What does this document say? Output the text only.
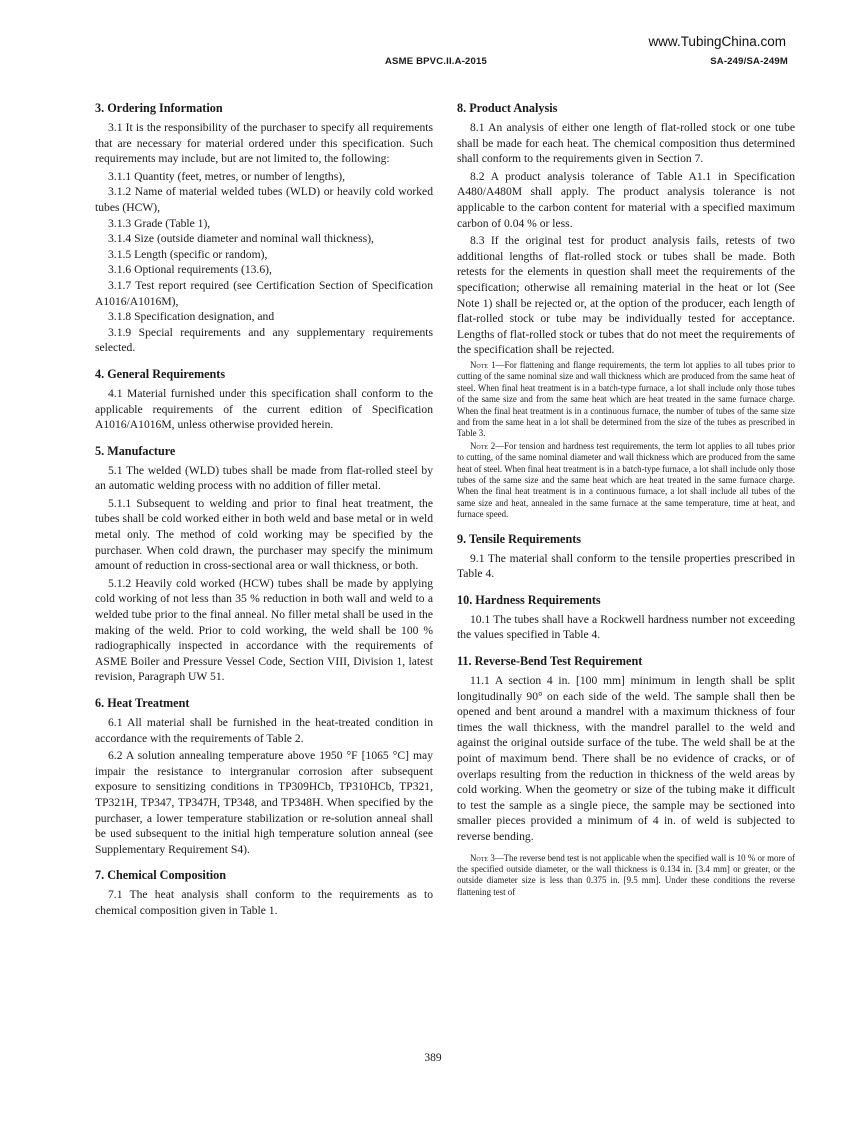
www.TubingChina.com
ASME BPVC.II.A-2015	SA-249/SA-249M
3. Ordering Information

3.1 It is the responsibility of the purchaser to specify all requirements that are necessary for material ordered under this specification. Such requirements may include, but are not limited to, the following:

3.1.1 Quantity (feet, metres, or number of lengths),

3.1.2 Name of material welded tubes (WLD) or heavily cold worked tubes (HCW),

3.1.3 Grade (Table 1),

3.1.4 Size (outside diameter and nominal wall thickness),

3.1.5 Length (specific or random),

3.1.6 Optional requirements (13.6),

3.1.7 Test report required (see Certification Section of Specification A1016/A1016M),

3.1.8 Specification designation, and

3.1.9 Special requirements and any supplementary requirements selected.

4. General Requirements

4.1 Material furnished under this specification shall conform to the applicable requirements of the current edition of Specification A1016/A1016M, unless otherwise provided herein.

5. Manufacture

5.1 The welded (WLD) tubes shall be made from flat-rolled steel by an automatic welding process with no addition of filler metal.

5.1.1 Subsequent to welding and prior to final heat treatment, the tubes shall be cold worked either in both weld and base metal or in weld metal only. The method of cold working may be specified by the purchaser. When cold drawn, the purchaser may specify the minimum amount of reduction in cross-sectional area or wall thickness, or both.

5.1.2 Heavily cold worked (HCW) tubes shall be made by applying cold working of not less than 35 % reduction in both wall and weld to a welded tube prior to the final anneal. No filler metal shall be used in the making of the weld. Prior to cold working, the weld shall be 100 % radiographically inspected in accordance with the requirements of ASME Boiler and Pressure Vessel Code, Section VIII, Division 1, latest revision, Paragraph UW 51.

6. Heat Treatment

6.1 All material shall be furnished in the heat-treated condition in accordance with the requirements of Table 2.

6.2 A solution annealing temperature above 1950 °F [1065 °C] may impair the resistance to intergranular corrosion after subsequent exposure to sensitizing conditions in TP309HCb, TP310HCb, TP321, TP321H, TP347, TP347H, TP348, and TP348H. When specified by the purchaser, a lower temperature stabilization or re-solution anneal shall be used subsequent to the initial high temperature solution anneal (see Supplementary Requirement S4).

7. Chemical Composition

7.1 The heat analysis shall conform to the requirements as to chemical composition given in Table 1.

8. Product Analysis

8.1 An analysis of either one length of flat-rolled stock or one tube shall be made for each heat. The chemical composition thus determined shall conform to the requirements given in Section 7.

8.2 A product analysis tolerance of Table A1.1 in Specification A480/A480M shall apply. The product analysis tolerance is not applicable to the carbon content for material with a specified maximum carbon of 0.04 % or less.

8.3 If the original test for product analysis fails, retests of two additional lengths of flat-rolled stock or tubes shall be made. Both retests for the elements in question shall meet the requirements of the specification; otherwise all remaining material in the heat or lot (See Note 1) shall be rejected or, at the option of the producer, each length of flat-rolled stock or tube may be individually tested for acceptance. Lengths of flat-rolled stock or tubes that do not meet the requirements of the specification shall be rejected.

Note 1—For flattening and flange requirements, the term lot applies to all tubes prior to cutting of the same nominal size and wall thickness which are produced from the same heat of steel. When final heat treatment is in a batch-type furnace, a lot shall include only those tubes of the same size and from the same heat which are heat treated in the same furnace charge. When the final heat treatment is in a continuous furnace, the number of tubes of the same size and from the same heat in a lot shall be determined from the size of the tubes as prescribed in Table 3.
Note 2—For tension and hardness test requirements, the term lot applies to all tubes prior to cutting, of the same nominal diameter and wall thickness which are produced from the same heat of steel. When final heat treatment is in a batch-type furnace, a lot shall include only those tubes of the same size and the same heat which are heat treated in the same furnace charge. When the final heat treatment is in a continuous furnace, a lot shall include all tubes of the same size and heat, annealed in the same furnace at the same temperature, time at heat, and furnace speed.
9. Tensile Requirements

9.1 The material shall conform to the tensile properties prescribed in Table 4.

10. Hardness Requirements

10.1 The tubes shall have a Rockwell hardness number not exceeding the values specified in Table 4.

11. Reverse-Bend Test Requirement

11.1 A section 4 in. [100 mm] minimum in length shall be split longitudinally 90° on each side of the weld. The sample shall then be opened and bent around a mandrel with a maximum thickness of four times the wall thickness, with the mandrel parallel to the weld and against the original outside surface of the tube. The weld shall be at the point of maximum bend. There shall be no evidence of cracks, or of overlaps resulting from the reduction in thickness of the weld areas by cold working. When the geometry or size of the tubing make it difficult to test the sample as a single piece, the sample may be sectioned into smaller pieces provided a minimum of 4 in. of weld is subjected to reverse bending.

Note 3—The reverse bend test is not applicable when the specified wall is 10 % or more of the specified outside diameter, or the wall thickness is 0.134 in. [3.4 mm] or greater, or the outside diameter size is less than 0.375 in. [9.5 mm]. Under these conditions the reverse flattening test of
389
